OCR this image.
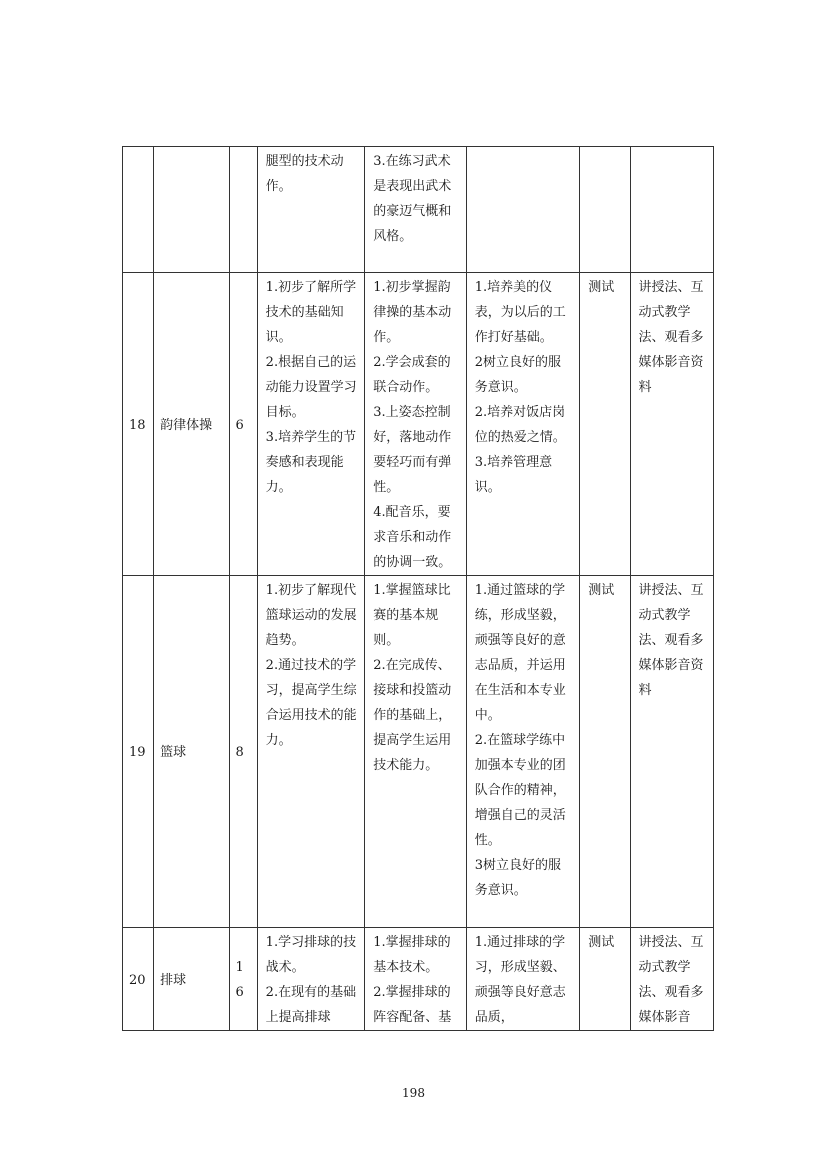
			腿型的技术动作。	3.在练习武术是表现出武术的豪迈气概和风格。			

18	韵律体操	6	1.初步了解所学技术的基础知识。
2.根据自己的运动能力设置学习目标。
3.培养学生的节奏感和表现能力。	1.初步掌握韵律操的基本动作。
2.学会成套的联合动作。
3.上姿态控制好，落地动作要轻巧而有弹性。
4.配音乐，要求音乐和动作的协调一致。	1.培养美的仪表，为以后的工作打好基础。
2树立良好的服务意识。
2.培养对饭店岗位的热爱之情。
3.培养管理意识。	测试	讲授法、互动式教学法、观看多媒体影音资料
19	篮球	8	1.初步了解现代篮球运动的发展趋势。
2.通过技术的学习，提高学生综合运用技术的能力。	1.掌握篮球比赛的基本规则。
2.在完成传、接球和投篮动作的基础上，提高学生运用技术能力。	1.通过篮球的学练，形成坚毅，顽强等良好的意志品质，并运用在生活和本专业中。
2.在篮球学练中加强本专业的团队合作的精神，增强自己的灵活性。
3树立良好的服务意识。	测试	讲授法、互动式教学法、观看多媒体影音资料
20	排球	16	1.学习排球的技战术。
2.在现有的基础上提高排球	1.掌握排球的基本技术。
2.掌握排球的阵容配备、基	1.通过排球的学习，形成坚毅、顽强等良好意志品质，	测试	讲授法、互动式教学法、观看多媒体影音
198
